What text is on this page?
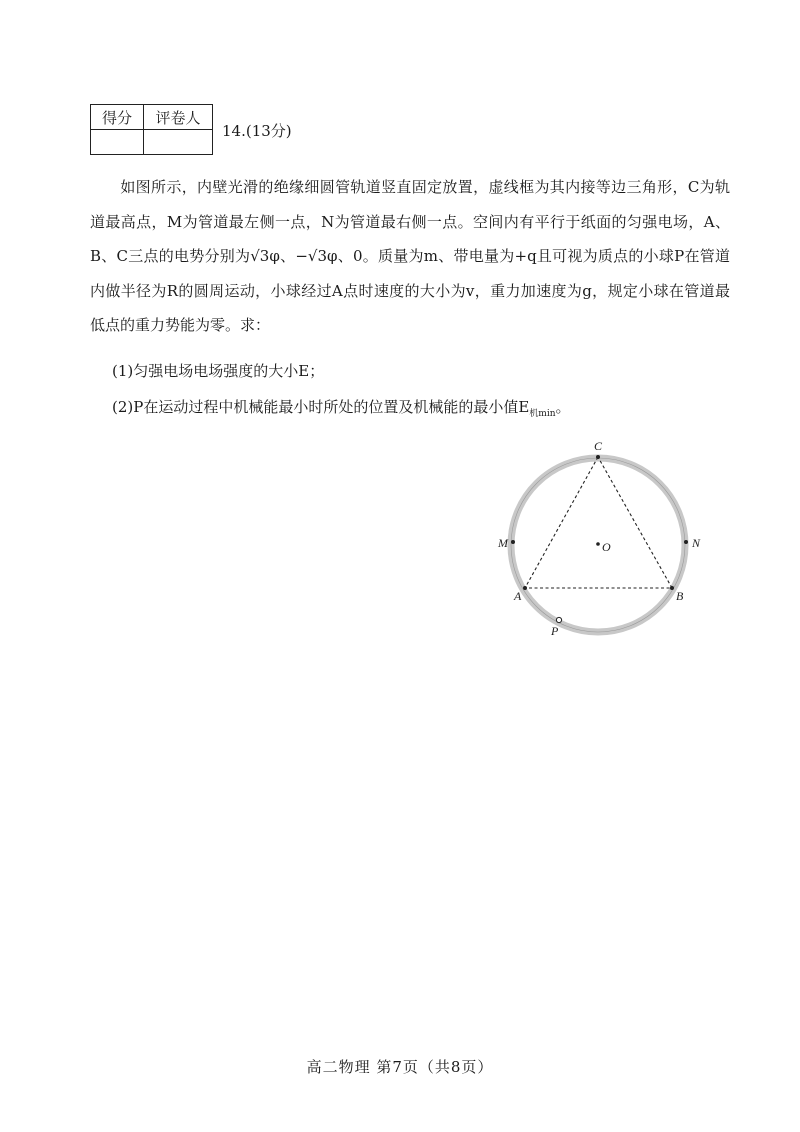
得分	评卷人

14.(13分)
如图所示，内壁光滑的绝缘细圆管轨道竖直固定放置，虚线框为其内接等边三角形，C为轨道最高点，M为管道最左侧一点，N为管道最右侧一点。空间内有平行于纸面的匀强电场，A、B、C三点的电势分别为√3φ、−√3φ、0。质量为m、带电量为+q且可视为质点的小球P在管道内做半径为R的圆周运动，小球经过A点时速度的大小为v，重力加速度为g，规定小球在管道最低点的重力势能为零。求：
(1)匀强电场电场强度的大小E；
(2)P在运动过程中机械能最小时所处的位置及机械能的最小值$E_{机min}$。
C
M	N
O
A	B
P
高二物理 第7页（共8页）
